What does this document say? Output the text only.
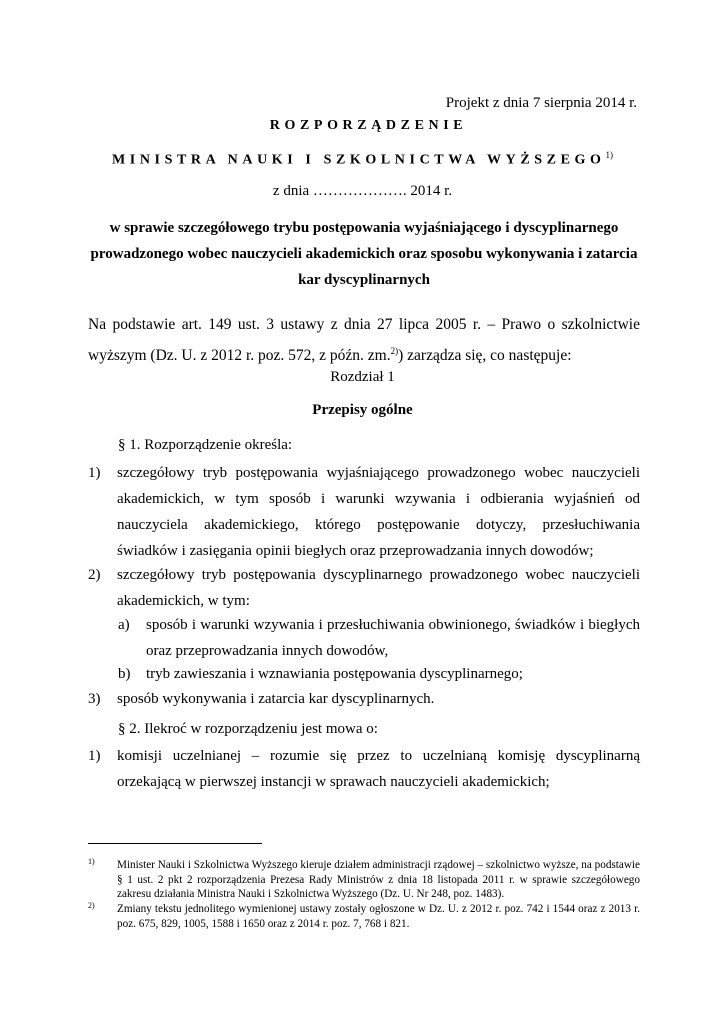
Projekt z dnia 7 sierpnia 2014 r.
ROZPORZĄDZENIE
MINISTRA NAUKI I SZKOLNICTWA WYŻSZEGO$^{1)}$
z dnia ………………. 2014 r.
w sprawie szczegółowego trybu postępowania wyjaśniającego i dyscyplinarnego
prowadzonego wobec nauczycieli akademickich oraz sposobu wykonywania i zatarcia
kar dyscyplinarnych
Na podstawie art. 149 ust. 3 ustawy z dnia 27 lipca 2005 r. – Prawo o szkolnictwie wyższym (Dz. U. z 2012 r. poz. 572, z późn. zm.$^{2)}$) zarządza się, co następuje:
Rozdział 1
Przepisy ogólne
§ 1. Rozporządzenie określa:
1) szczegółowy tryb postępowania wyjaśniającego prowadzonego wobec nauczycieli akademickich, w tym sposób i warunki wzywania i odbierania wyjaśnień od nauczyciela akademickiego, którego postępowanie dotyczy, przesłuchiwania świadków i zasięgania opinii biegłych oraz przeprowadzania innych dowodów;
2) szczegółowy tryb postępowania dyscyplinarnego prowadzonego wobec nauczycieli akademickich, w tym:
a) sposób i warunki wzywania i przesłuchiwania obwinionego, świadków i biegłych oraz przeprowadzania innych dowodów,
b) tryb zawieszania i wznawiania postępowania dyscyplinarnego;
3) sposób wykonywania i zatarcia kar dyscyplinarnych.
§ 2. Ilekroć w rozporządzeniu jest mowa o:
1) komisji uczelnianej – rozumie się przez to uczelnianą komisję dyscyplinarną orzekającą w pierwszej instancji w sprawach nauczycieli akademickich;
1) Minister Nauki i Szkolnictwa Wyższego kieruje działem administracji rządowej – szkolnictwo wyższe, na podstawie § 1 ust. 2 pkt 2 rozporządzenia Prezesa Rady Ministrów z dnia 18 listopada 2011 r. w sprawie szczegółowego zakresu działania Ministra Nauki i Szkolnictwa Wyższego (Dz. U. Nr 248, poz. 1483).
2) Zmiany tekstu jednolitego wymienionej ustawy zostały ogłoszone w Dz. U. z 2012 r. poz. 742 i 1544 oraz z 2013 r. poz. 675, 829, 1005, 1588 i 1650 oraz z 2014 r. poz. 7, 768 i 821.
